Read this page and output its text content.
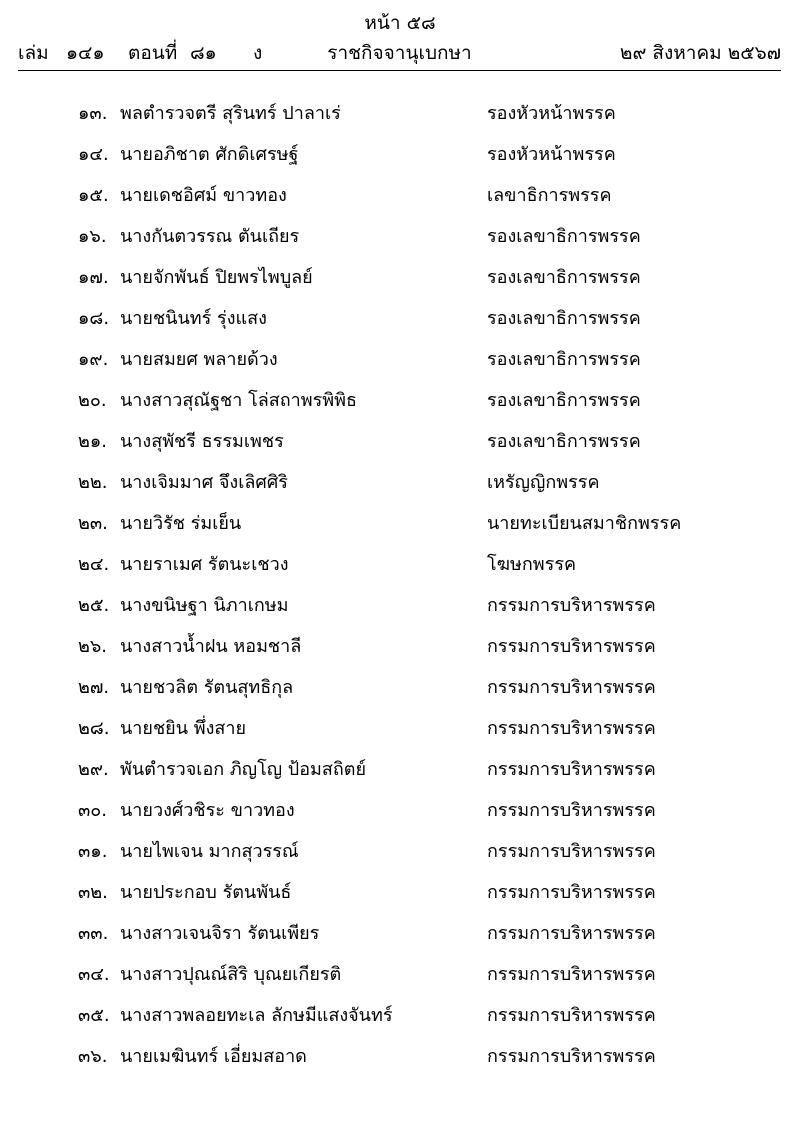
หน้า ๕๘
เล่ม ๑๔๑ ตอนที่ ๘๑ ง	ราชกิจจานุเบกษา	๒๙ สิงหาคม ๒๕๖๗
๑๓. พลตำรวจตรี สุรินทร์ ปาลาเร่	รองหัวหน้าพรรค
๑๔. นายอภิชาต ศักดิเศรษฐ์	รองหัวหน้าพรรค
๑๕. นายเดชอิศม์ ขาวทอง	เลขาธิการพรรค
๑๖. นางกันตวรรณ ตันเถียร	รองเลขาธิการพรรค
๑๗. นายจักพันธ์ ปิยพรไพบูลย์	รองเลขาธิการพรรค
๑๘. นายชนินทร์ รุ่งแสง	รองเลขาธิการพรรค
๑๙. นายสมยศ พลายด้วง	รองเลขาธิการพรรค
๒๐. นางสาวสุณัฐชา โล่สถาพรพิพิธ	รองเลขาธิการพรรค
๒๑. นางสุพัชรี ธรรมเพชร	รองเลขาธิการพรรค
๒๒. นางเจิมมาศ จึงเลิศศิริ	เหรัญญิกพรรค
๒๓. นายวิรัช ร่มเย็น	นายทะเบียนสมาชิกพรรค
๒๔. นายราเมศ รัตนะเชวง	โฆษกพรรค
๒๕. นางขนิษฐา นิภาเกษม	กรรมการบริหารพรรค
๒๖. นางสาวน้ำฝน หอมชาลี	กรรมการบริหารพรรค
๒๗. นายชวลิต รัตนสุทธิกุล	กรรมการบริหารพรรค
๒๘. นายชยิน พึ่งสาย	กรรมการบริหารพรรค
๒๙. พันตำรวจเอก ภิญโญ ป้อมสถิตย์	กรรมการบริหารพรรค
๓๐. นายวงศ์วชิระ ขาวทอง	กรรมการบริหารพรรค
๓๑. นายไพเจน มากสุวรรณ์	กรรมการบริหารพรรค
๓๒. นายประกอบ รัตนพันธ์	กรรมการบริหารพรรค
๓๓. นางสาวเจนจิรา รัตนเพียร	กรรมการบริหารพรรค
๓๔. นางสาวปุณณ์สิริ บุณยเกียรติ	กรรมการบริหารพรรค
๓๕. นางสาวพลอยทะเล ลักษมีแสงจันทร์	กรรมการบริหารพรรค
๓๖. นายเมฆินทร์ เอี่ยมสอาด	กรรมการบริหารพรรค
